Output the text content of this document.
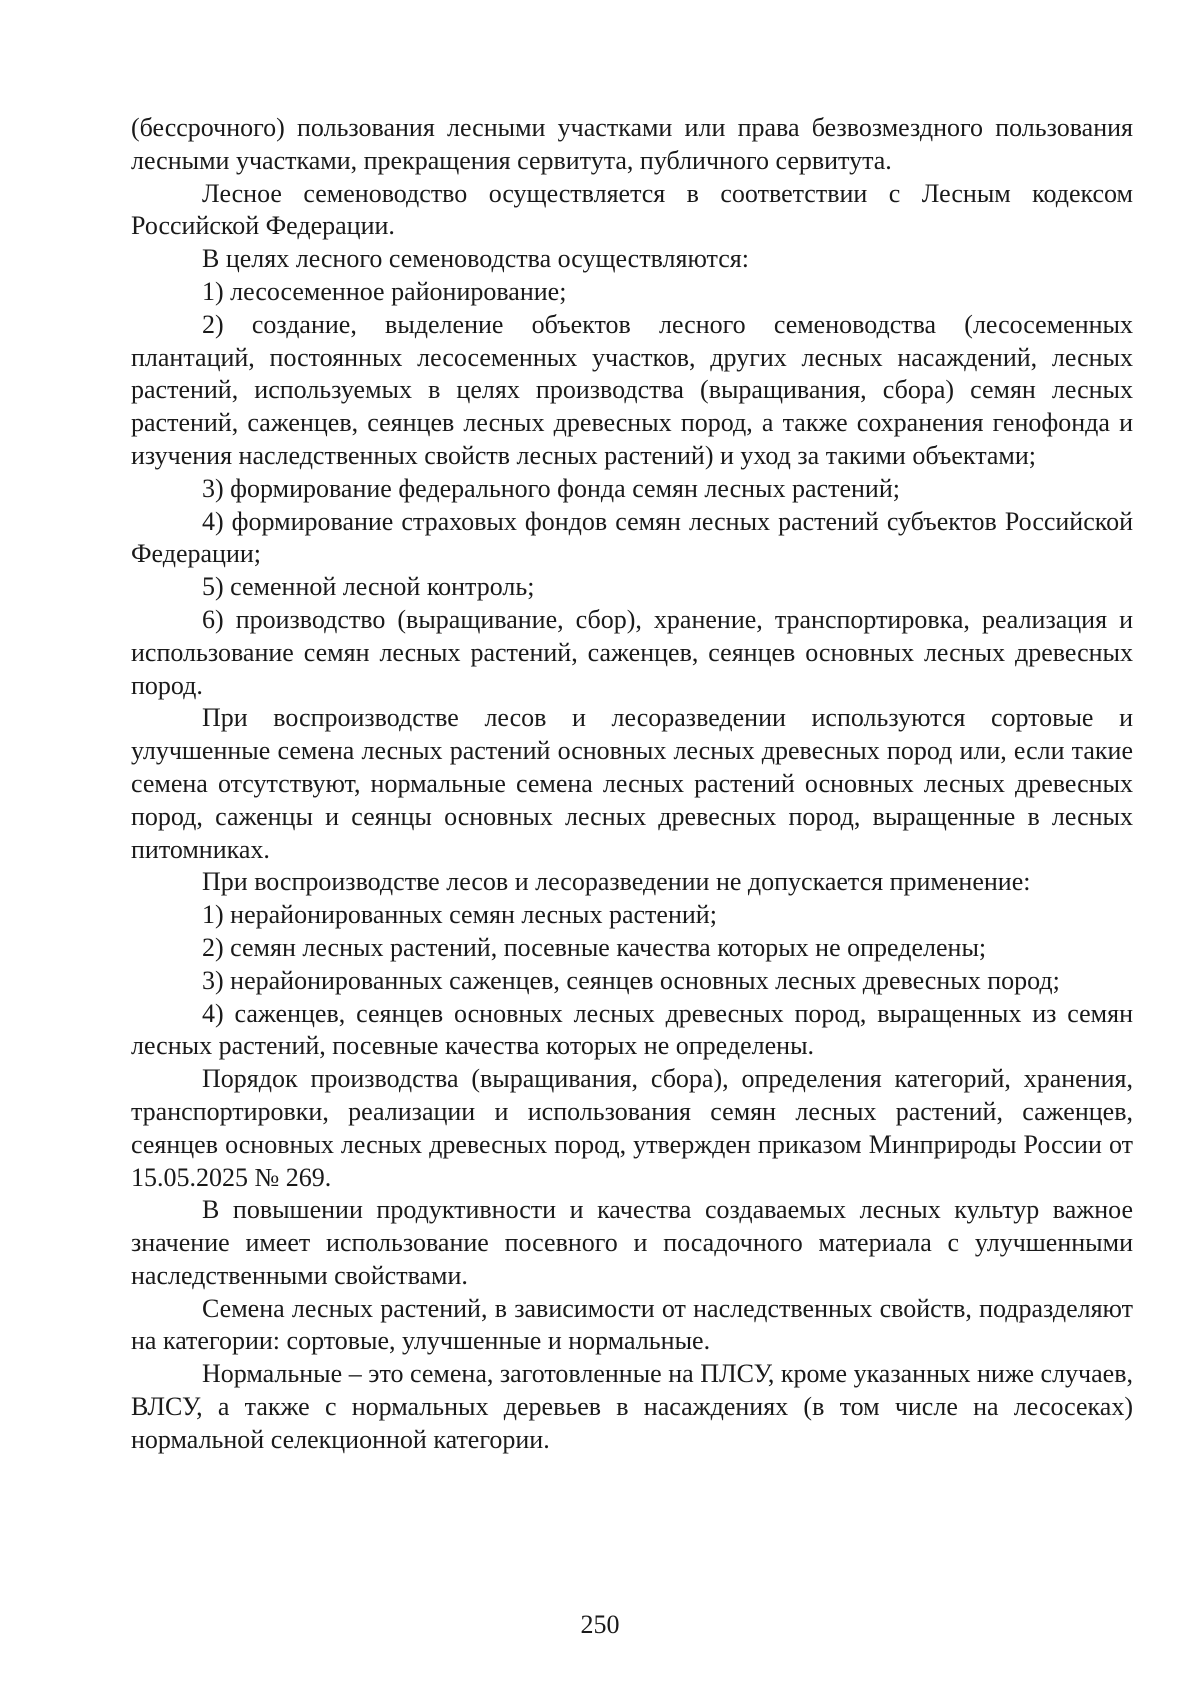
(бессрочного) пользования лесными участками или права безвозмездного пользования лесными участками, прекращения сервитута, публичного сервитута.

Лесное семеноводство осуществляется в соответствии с Лесным кодексом Российской Федерации.

В целях лесного семеноводства осуществляются:

1) лесосеменное районирование;

2) создание, выделение объектов лесного семеноводства (лесосеменных плантаций, постоянных лесосеменных участков, других лесных насаждений, лесных растений, используемых в целях производства (выращивания, сбора) семян лесных растений, саженцев, сеянцев лесных древесных пород, а также сохранения генофонда и изучения наследственных свойств лесных растений) и уход за такими объектами;

3) формирование федерального фонда семян лесных растений;

4) формирование страховых фондов семян лесных растений субъектов Российской Федерации;

5) семенной лесной контроль;

6) производство (выращивание, сбор), хранение, транспортировка, реализация и использование семян лесных растений, саженцев, сеянцев основных лесных древесных пород.

При воспроизводстве лесов и лесоразведении используются сортовые и улучшенные семена лесных растений основных лесных древесных пород или, если такие семена отсутствуют, нормальные семена лесных растений основных лесных древесных пород, саженцы и сеянцы основных лесных древесных пород, выращенные в лесных питомниках.

При воспроизводстве лесов и лесоразведении не допускается применение:

1) нерайонированных семян лесных растений;

2) семян лесных растений, посевные качества которых не определены;

3) нерайонированных саженцев, сеянцев основных лесных древесных пород;

4) саженцев, сеянцев основных лесных древесных пород, выращенных из семян лесных растений, посевные качества которых не определены.

Порядок производства (выращивания, сбора), определения категорий, хранения, транспортировки, реализации и использования семян лесных растений, саженцев, сеянцев основных лесных древесных пород, утвержден приказом Минприроды России от 15.05.2025 № 269.

В повышении продуктивности и качества создаваемых лесных культур важное значение имеет использование посевного и посадочного материала с улучшенными наследственными свойствами.

Семена лесных растений, в зависимости от наследственных свойств, подразделяют на категории: сортовые, улучшенные и нормальные.

Нормальные – это семена, заготовленные на ПЛСУ, кроме указанных ниже случаев, ВЛСУ, а также с нормальных деревьев в насаждениях (в том числе на лесосеках) нормальной селекционной категории.

250
